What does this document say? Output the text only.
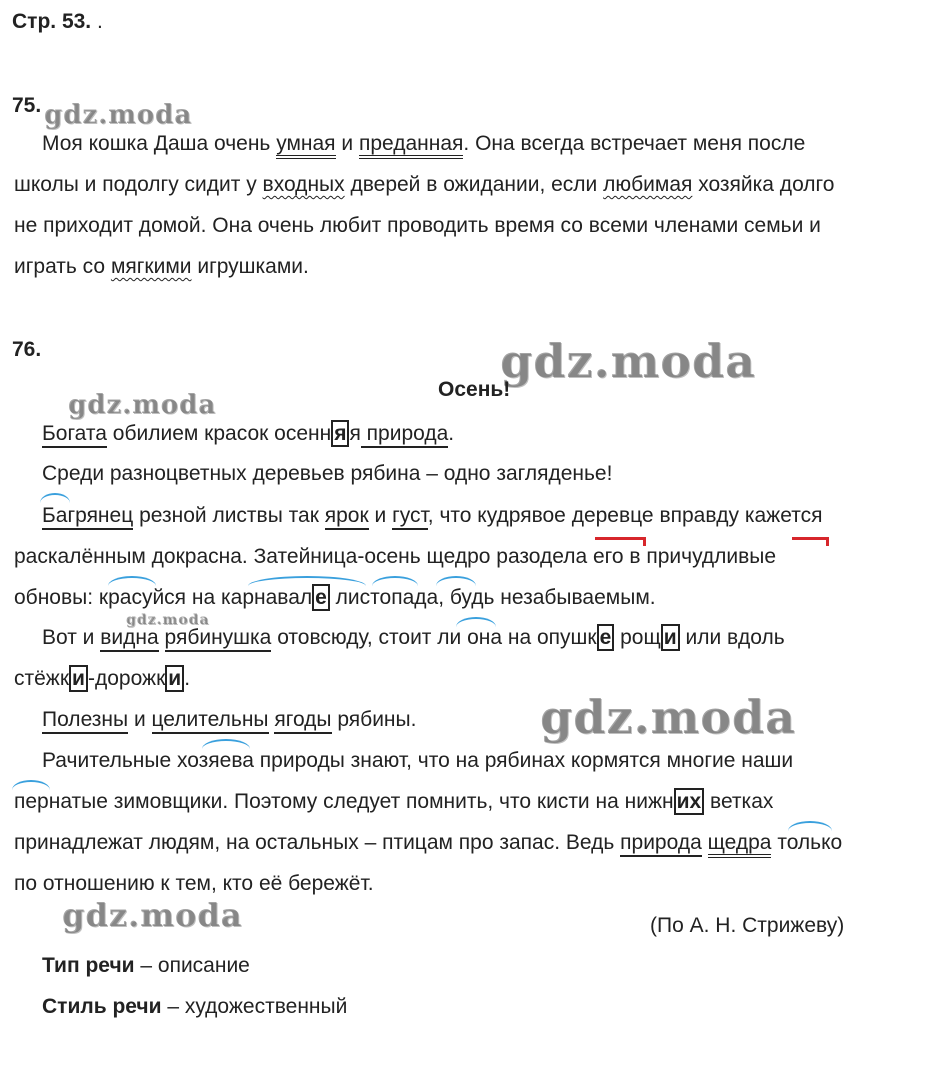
Стр. 53. .
gdz.moda
gdz.moda
gdz.moda
gdz.moda
gdz.moda
gdz.moda
75.
Моя кошка Даша очень умная и преданная. Она всегда встречает меня после
школы и подолгу сидит у входных дверей в ожидании, если любимая хозяйка долго
не приходит домой. Она очень любит проводить время со всеми членами семьи и
играть со мягкими игрушками.
76.
Осень!
Богата обилием красок осенн я я природа.
Среди разноцветных деревьев рябина – одно загляденье!
Багрянец резной листвы так ярок и густ, что кудрявое деревце вправду кажется
раскалённым докрасна. Затейница-осень щедро разодела его в причудливые
обновы: красуйся на карнавал е листопада, будь незабываемым.
Вот и видна рябинушка отовсюду, стоит ли она на опушк е рощ и или вдоль
стёжк и -дорожк и .
Полезны и целительны ягоды рябины.
Рачительные хозяева природы знают, что на рябинах кормятся многие наши
пернатые зимовщики. Поэтому следует помнить, что кисти на нижн их ветках
принадлежат людям, на остальных – птицам про запас. Ведь природа щедра только
по отношению к тем, кто её бережёт.
(По А. Н. Стрижеву)
Тип речи – описание
Стиль речи – художественный
